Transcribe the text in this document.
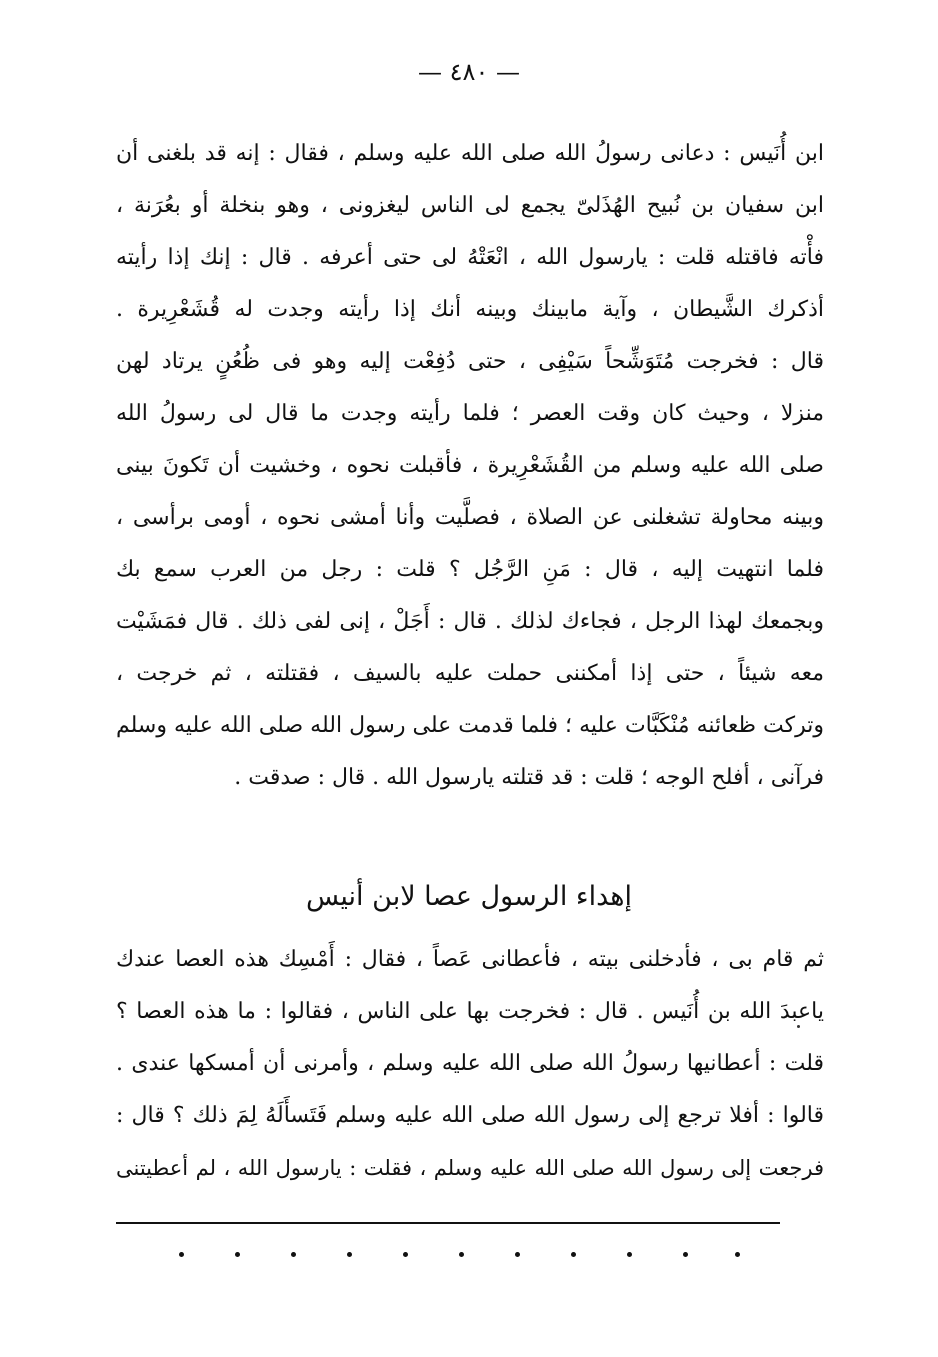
— ٤٨٠ —
ابن أُنَيس : دعانى رسولُ الله صلى الله عليه وسلم ، فقال : إنه قد بلغنى أن
ابن سفيان بن نُبيح الهُذَلىّ يجمع لى الناس ليغزونى ، وهو بنخلة أو بعُرَنة ،
فأْته فاقتله قلت : يارسول الله ، انْعَتْهُ لى حتى أعرفه . قال : إنك إذا رأيته
أذكرك الشَّيطان ، وآية مابينك وبينه أنك إذا رأيته وجدت له قُشَعْرِيرة .
قال : فخرجت مُتَوَشِّحاً سَيْفِى ، حتى دُفِعْت إليه وهو فى ظُعُنٍ يرتاد لهن
منزلا ، وحيث كان وقت العصر ؛ فلما رأيته وجدت ما قال لى رسولُ الله
صلى الله عليه وسلم من القُشَعْرِيرة ، فأقبلت نحوه ، وخشيت أن تَكونَ بينى
وبينه محاولة تشغلنى عن الصلاة ، فصلَّيت وأنا أمشى نحوه ، أومى برأسى ،
فلما انتهيت إليه ، قال : مَنِ الرَّجُل ؟ قلت : رجل من العرب سمع بك
وبجمعك لهذا الرجل ، فجاءك لذلك . قال : أَجَلْ ، إنى لفى ذلك . قال فمَشَيْت
معه شيئاً ، حتى إذا أمكننى حملت عليه بالسيف ، فقتلته ، ثم خرجت ،
وتركت ظعائنه مُنْكَبَّات عليه ؛ فلما قدمت على رسول الله صلى الله عليه وسلم
فرآنى ، أفلح الوجه ؛ قلت : قد قتلته يارسول الله . قال : صدقت .
إهداء الرسول عصا لابن أنيس
ثم قام بى ، فأدخلنى بيته ، فأعطانى عَصاً ، فقال : أَمْسِك هذه العصا عندك
ياعبدَ الله بن أُنَيس . قال : فخرجت بها على الناس ، فقالوا : ما هذه العصا ؟
قلت : أعطانيها رسولُ الله صلى الله عليه وسلم ، وأمرنى أن أمسكها عندى .
قالوا : أفلا ترجع إلى رسول الله صلى الله عليه وسلم فَتَسأَلَهُ لِمَ ذلك ؟ قال :
فرجعت إلى رسول الله صلى الله عليه وسلم ، فقلت : يارسول الله ، لم أعطيتنى
